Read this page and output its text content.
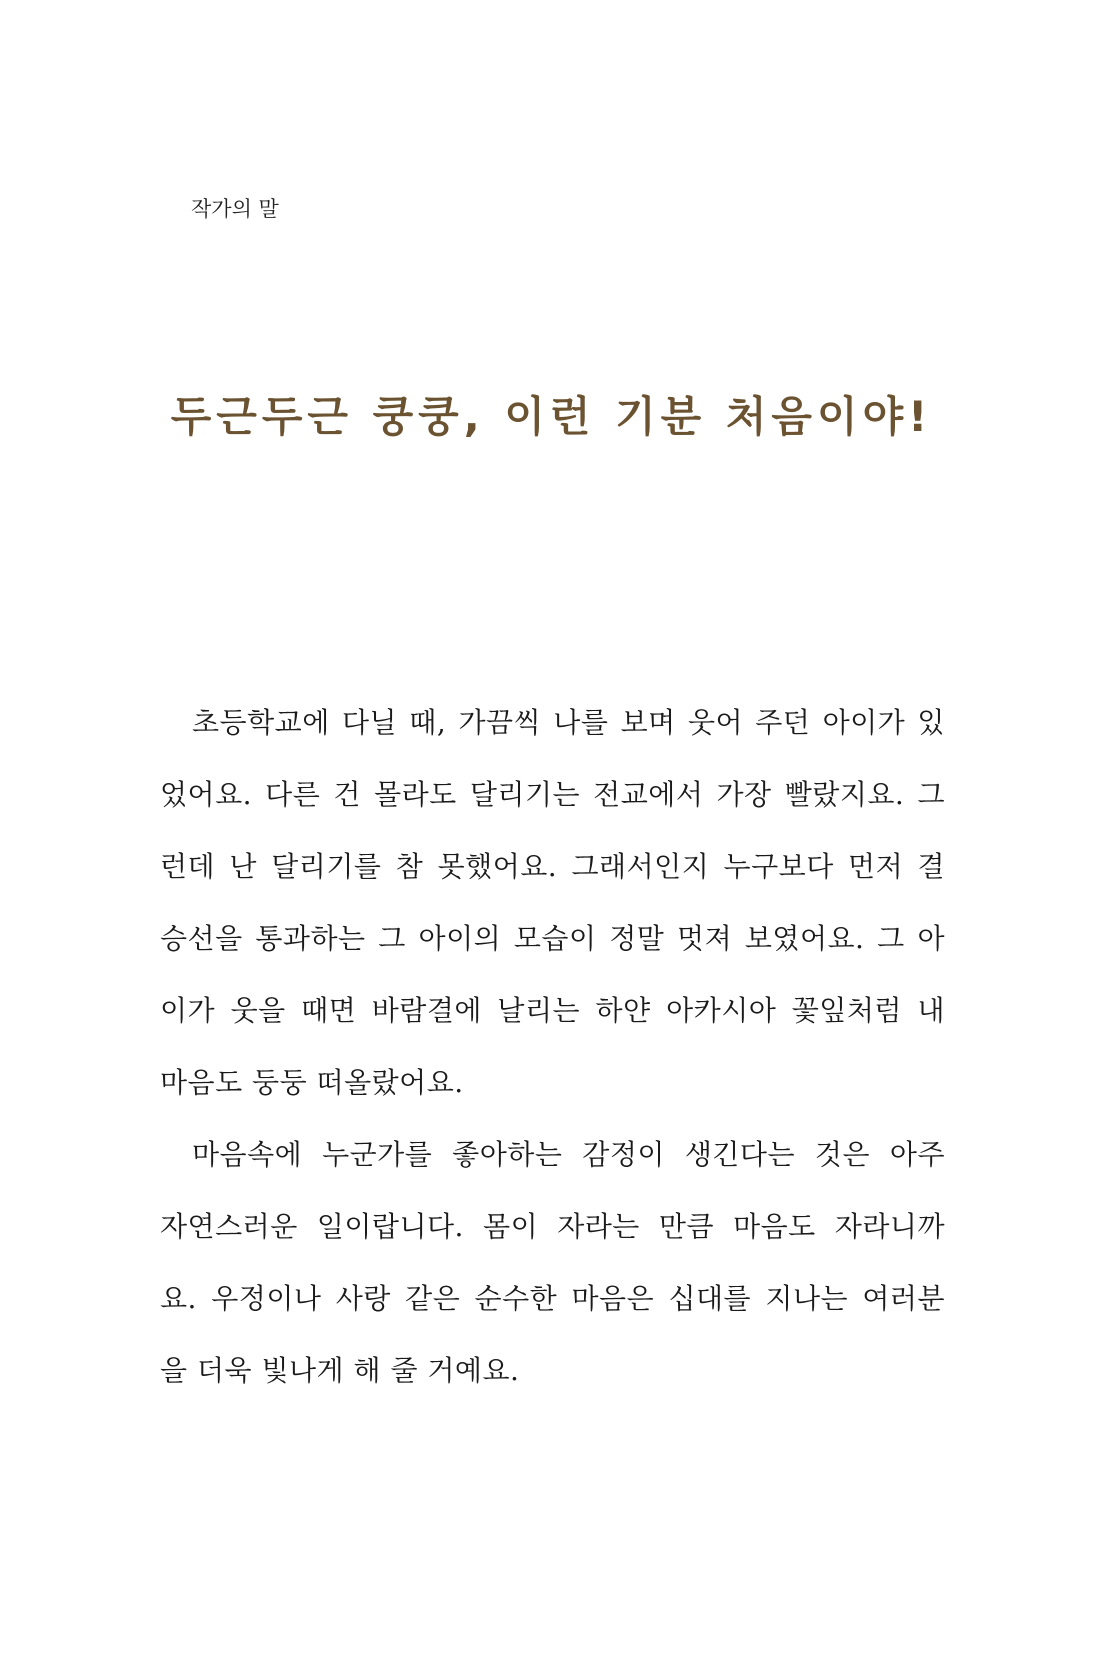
작가의 말
두근두근 쿵쿵, 이런 기분 처음이야!
초등학교에 다닐 때, 가끔씩 나를 보며 웃어 주던 아이가 있
었어요. 다른 건 몰라도 달리기는 전교에서 가장 빨랐지요. 그
런데 난 달리기를 참 못했어요. 그래서인지 누구보다 먼저 결
승선을 통과하는 그 아이의 모습이 정말 멋져 보였어요. 그 아
이가 웃을 때면 바람결에 날리는 하얀 아카시아 꽃잎처럼 내
마음도 둥둥 떠올랐어요.
마음속에 누군가를 좋아하는 감정이 생긴다는 것은 아주
자연스러운 일이랍니다. 몸이 자라는 만큼 마음도 자라니까
요. 우정이나 사랑 같은 순수한 마음은 십대를 지나는 여러분
을 더욱 빛나게 해 줄 거예요.
